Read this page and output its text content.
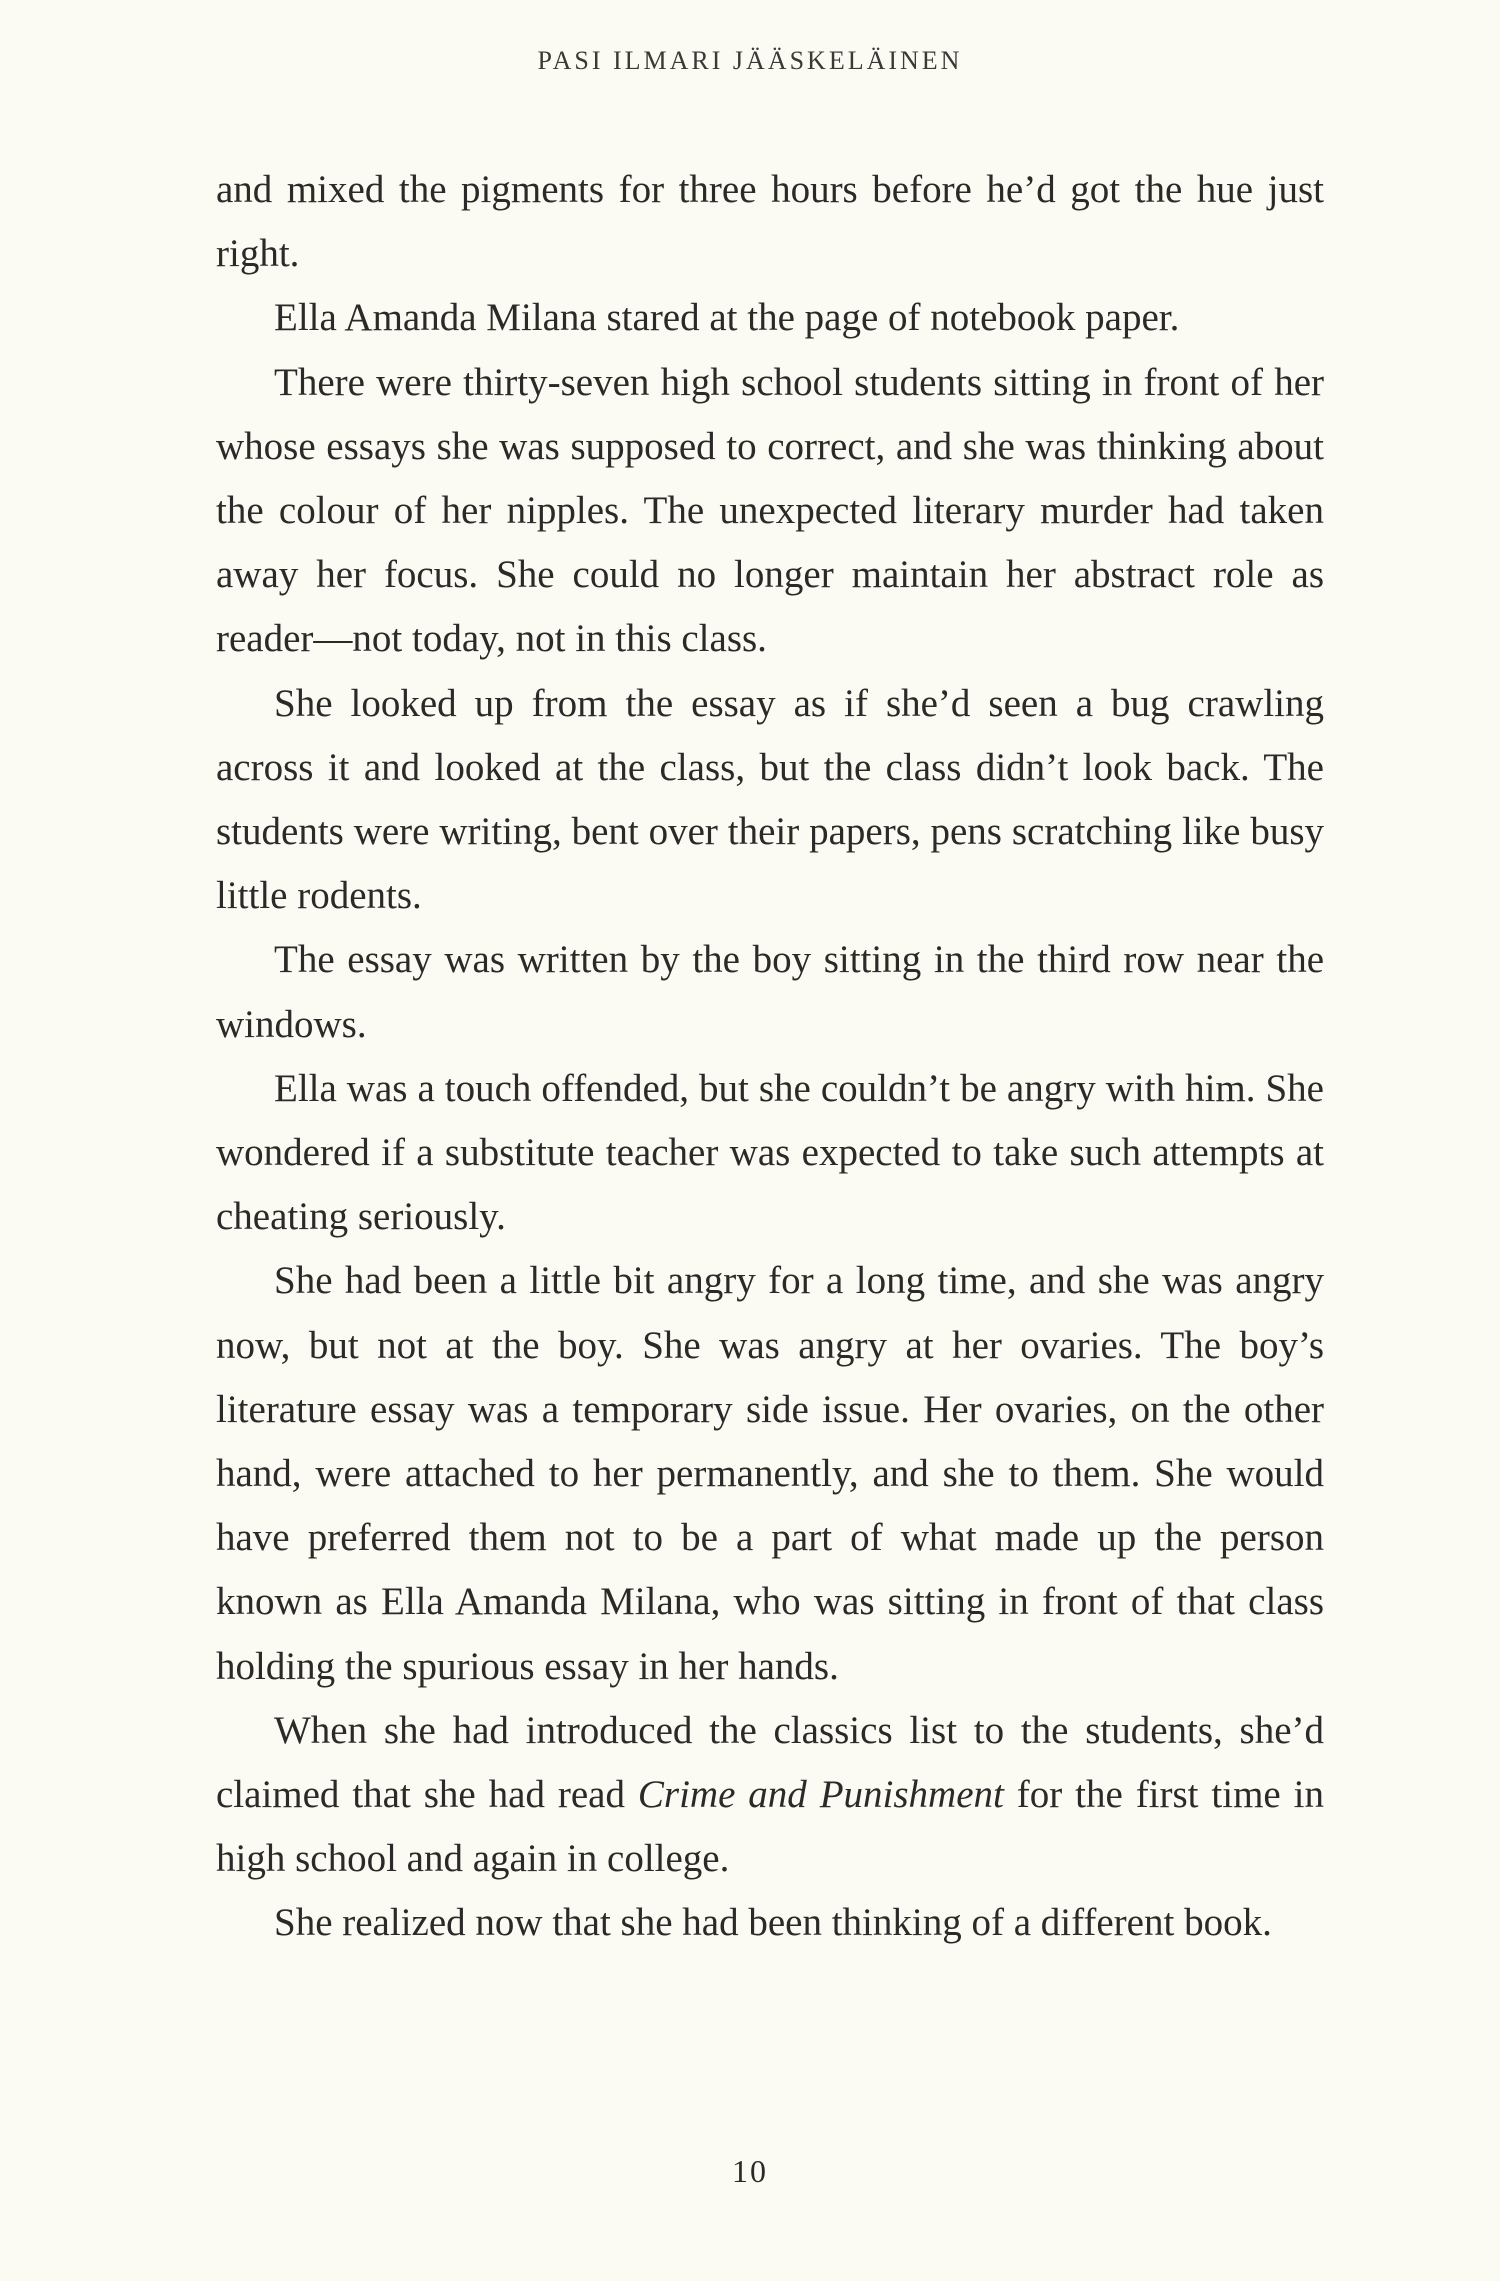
PASI ILMARI JÄÄSKELÄINEN

and mixed the pigments for three hours before he’d got the hue just right.

Ella Amanda Milana stared at the page of notebook paper.

There were thirty-seven high school students sitting in front of her whose essays she was supposed to correct, and she was thinking about the colour of her nipples. The unexpected literary murder had taken away her focus. She could no longer maintain her abstract role as reader—not today, not in this class.

She looked up from the essay as if she’d seen a bug crawling across it and looked at the class, but the class didn’t look back. The students were writing, bent over their papers, pens scratching like busy little rodents.

The essay was written by the boy sitting in the third row near the windows.

Ella was a touch offended, but she couldn’t be angry with him. She wondered if a substitute teacher was expected to take such attempts at cheating seriously.

She had been a little bit angry for a long time, and she was angry now, but not at the boy. She was angry at her ovaries. The boy’s literature essay was a temporary side issue. Her ovaries, on the other hand, were attached to her permanently, and she to them. She would have preferred them not to be a part of what made up the person known as Ella Amanda Milana, who was sitting in front of that class holding the spurious essay in her hands.

When she had introduced the classics list to the students, she’d claimed that she had read Crime and Punishment for the first time in high school and again in college.

She realized now that she had been thinking of a different book.

10
